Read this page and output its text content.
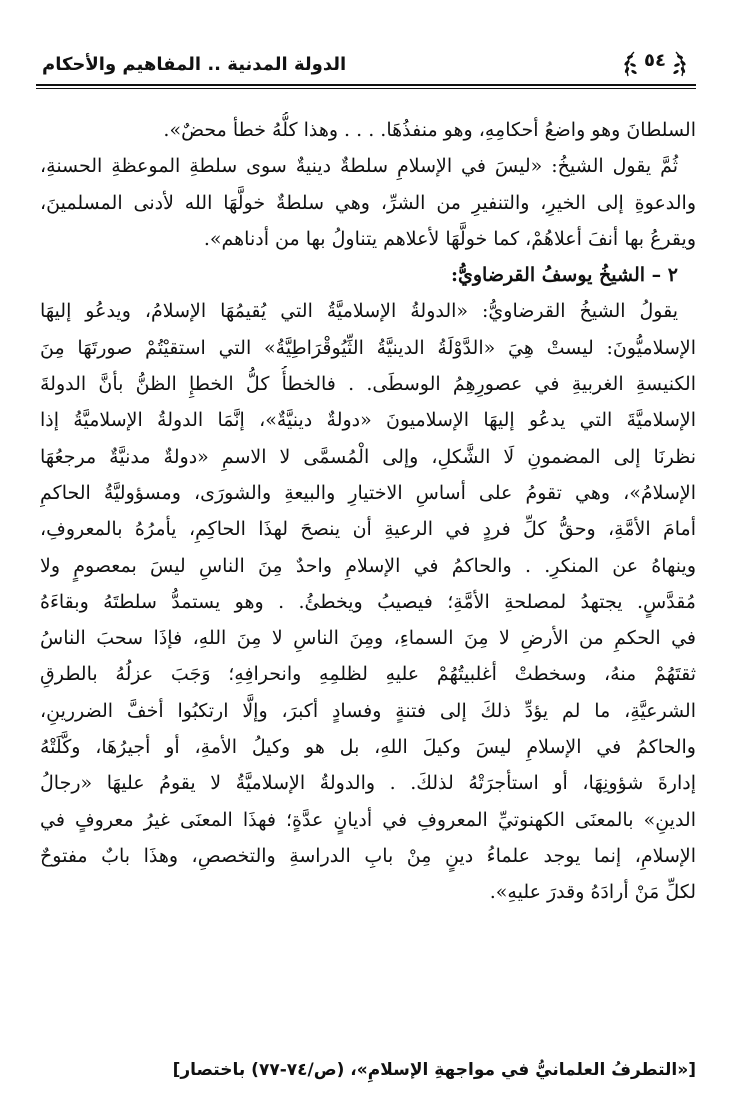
الدولة المدنية .. المفاهيم والأحكام	٥٤
السلطانَ وهو واضعُ أحكامِهِ، وهو منفذُهَا. . . . وهذا كلُّهُ خطأ محضٌ».
ثُمَّ يقول الشيخُ: «ليسَ في الإسلامِ سلطةٌ دينيةٌ سوى سلطةِ الموعظةِ الحسنةِ،
والدعوةِ إلى الخيرِ، والتنفيرِ من الشرِّ، وهي سلطةٌ خولَّهَا الله لأدنى المسلمينَ،
ويقرعُ بها أنفَ أعلاهُمْ، كما خولَّهَا لأعلاهم يتناولُ بها من أدناهم».
٢ – الشيخُ يوسفُ القرضاويُّ:
يقولُ الشيخُ القرضاويُّ: «الدولةُ الإسلاميَّةُ التي يُقيمُهَا الإسلامُ، ويدعُو إليهَا
الإسلاميُّونَ: ليستْ هِيَ «الدَّوْلَةُ الدينيَّةُ الثِّيُوقْرَاطِيَّةُ» التي استقيْتُمْ صورتَهَا مِنَ
الكنيسةِ الغربيةِ في عصورِهِمُ الوسطَى. . فالخطأُ كلُّ الخطإِ الظنُّ بأنَّ الدولةَ
الإسلاميَّةَ التي يدعُو إليهَا الإسلاميونَ «دولةٌ دينيَّةٌ»، إنَّمَا الدولةُ الإسلاميَّةُ إذا
نظرنَا إلى المضمونِ لَا الشَّكلِ، وإلى الْمُسمَّى لا الاسمِ «دولةٌ مدنيَّةٌ مرجعُهَا
الإسلامُ»، وهي تقومُ على أساسِ الاختيارِ والبيعةِ والشورَى، ومسؤوليَّةُ الحاكمِ
أمامَ الأمَّةِ، وحقُّ كلِّ فردٍ في الرعيةِ أن ينصحَ لهذَا الحاكِمِ، يأمرُهُ بالمعروفِ،
وينهاهُ عن المنكرِ. . والحاكمُ في الإسلامِ واحدٌ مِنَ الناسِ ليسَ بمعصومٍ ولا
مُقدَّسٍ. يجتهدُ لمصلحةِ الأمَّةِ؛ فيصيبُ ويخطئُ. . وهو يستمدُّ سلطتَهُ وبقاءَهُ
في الحكمِ من الأرضِ لا مِنَ السماءِ، ومِنَ الناسِ لا مِنَ اللهِ، فإذَا سحبَ الناسُ
ثقتَهُمْ منهُ، وسخطتْ أغلبيتُهُمْ عليهِ لظلمِهِ وانحرافِهِ؛ وَجَبَ عزلُهُ بالطرقِ
الشرعيَّةِ، ما لم يؤدِّ ذلكَ إلى فتنةٍ وفسادٍ أكبرَ، وإلَّا ارتكبُوا أخفَّ الضررينِ،
والحاكمُ في الإسلامِ ليسَ وكيلَ اللهِ، بل هو وكيلُ الأمةِ، أو أجيرُهَا، وكَّلَتْهُ
إدارةَ شؤونِهَا، أو استأجرَتْهُ لذلكَ. . والدولةُ الإسلاميَّةُ لا يقومُ عليهَا «رجالُ
الدينِ» بالمعنَى الكهنوتيِّ المعروفِ في أديانٍ عدَّةٍ؛ فهذَا المعنَى غيرُ معروفٍ في
الإسلامِ، إنما يوجد علماءُ دينٍ مِنْ بابِ الدراسةِ والتخصصِ، وهذَا بابٌ مفتوحٌ
لكلِّ مَنْ أرادَهُ وقدرَ عليهِ».
[«التطرفُ العلمانيُّ في مواجهةِ الإسلامِ»، (ص/٧٤-٧٧) باختصار]
